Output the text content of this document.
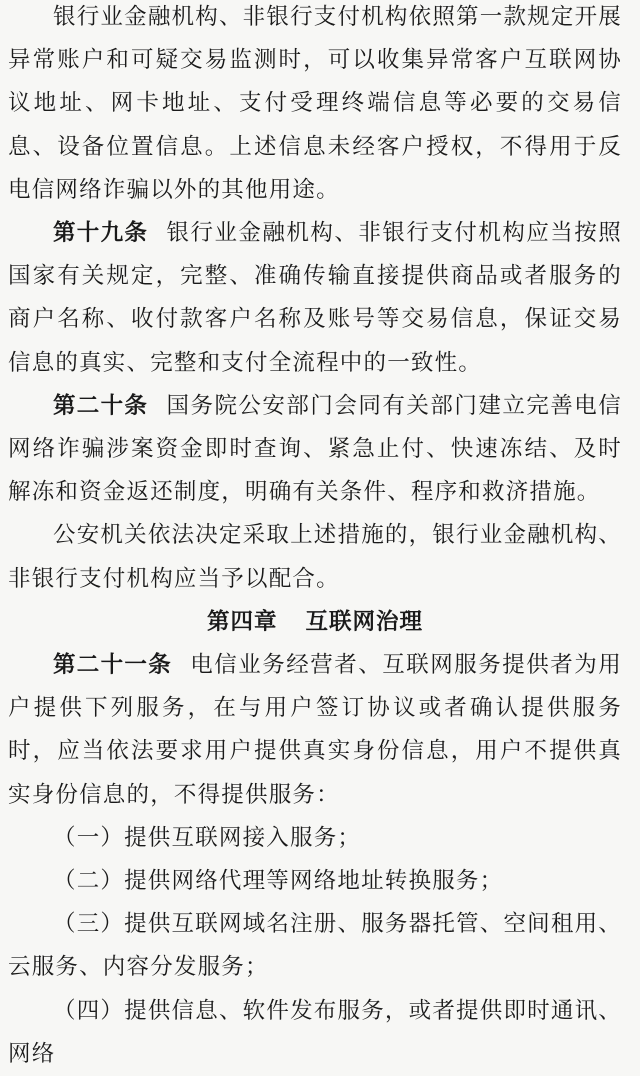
银行业金融机构、非银行支付机构依照第一款规定开展异常账户和可疑交易监测时，可以收集异常客户互联网协议地址、网卡地址、支付受理终端信息等必要的交易信息、设备位置信息。上述信息未经客户授权，不得用于反电信网络诈骗以外的其他用途。

第十九条 银行业金融机构、非银行支付机构应当按照国家有关规定，完整、准确传输直接提供商品或者服务的商户名称、收付款客户名称及账号等交易信息，保证交易信息的真实、完整和支付全流程中的一致性。

第二十条 国务院公安部门会同有关部门建立完善电信网络诈骗涉案资金即时查询、紧急止付、快速冻结、及时解冻和资金返还制度，明确有关条件、程序和救济措施。

公安机关依法决定采取上述措施的，银行业金融机构、非银行支付机构应当予以配合。

第四章 互联网治理

第二十一条 电信业务经营者、互联网服务提供者为用户提供下列服务，在与用户签订协议或者确认提供服务时，应当依法要求用户提供真实身份信息，用户不提供真实身份信息的，不得提供服务：

（一）提供互联网接入服务；

（二）提供网络代理等网络地址转换服务；

（三）提供互联网域名注册、服务器托管、空间租用、云服务、内容分发服务；

（四）提供信息、软件发布服务，或者提供即时通讯、网络
